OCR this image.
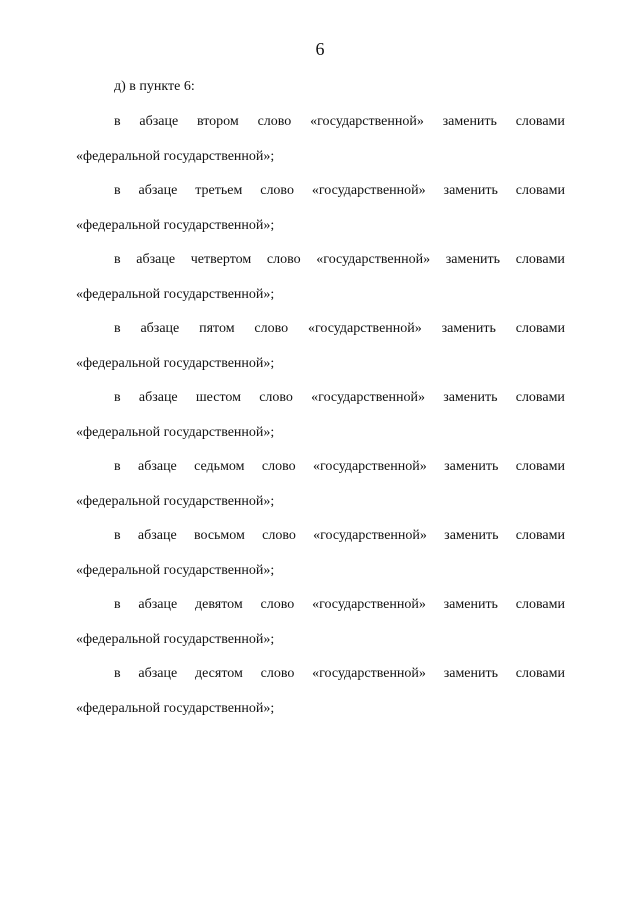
6

д) в пункте 6:

в абзаце втором слово «государственной» заменить словами
«федеральной государственной»;
в абзаце третьем слово «государственной» заменить словами
«федеральной государственной»;
в абзаце четвертом слово «государственной» заменить словами
«федеральной государственной»;
в абзаце пятом слово «государственной» заменить словами
«федеральной государственной»;
в абзаце шестом слово «государственной» заменить словами
«федеральной государственной»;
в абзаце седьмом слово «государственной» заменить словами
«федеральной государственной»;
в абзаце восьмом слово «государственной» заменить словами
«федеральной государственной»;
в абзаце девятом слово «государственной» заменить словами
«федеральной государственной»;
в абзаце десятом слово «государственной» заменить словами
«федеральной государственной»;
